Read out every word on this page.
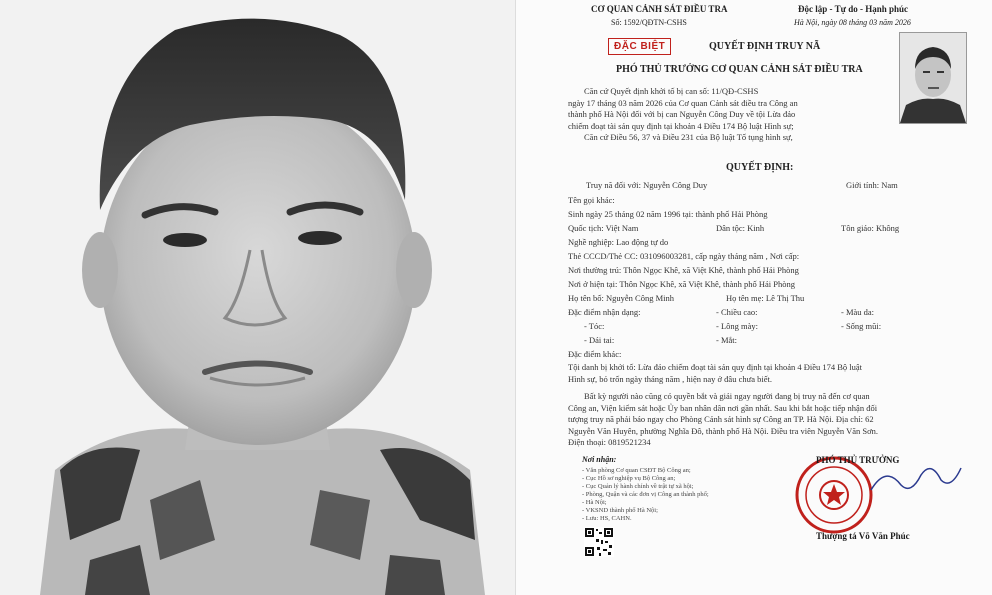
CƠ QUAN CẢNH SÁT ĐIỀU TRA	Độc lập - Tự do - Hạnh phúc
Số: 1592/QĐTN-CSHS	Hà Nội, ngày 08 tháng 03 năm 2026
ĐẶC BIỆT	QUYẾT ĐỊNH TRUY NÃ
PHÓ THỦ TRƯỞNG CƠ QUAN CẢNH SÁT ĐIỀU TRA
Căn cứ Quyết định khởi tố bị can số: 11/QĐ-CSHS
ngày 17 tháng 03 năm 2026 của Cơ quan Cảnh sát điều tra Công an
thành phố Hà Nội đối với bị can Nguyễn Công Duy về tội Lừa đảo
chiếm đoạt tài sản quy định tại khoản 4 Điều 174 Bộ luật Hình sự;
Căn cứ Điều 56, 37 và Điều 231 của Bộ luật Tố tụng hình sự,
QUYẾT ĐỊNH:
Truy nã đối với: Nguyễn Công Duy	Giới tính: Nam
Tên gọi khác:
Sinh ngày 25 tháng 02 năm 1996 tại: thành phố Hải Phòng
Quốc tịch: Việt Nam	Dân tộc: Kinh	Tôn giáo: Không
Nghề nghiệp: Lao động tự do
Thẻ CCCD/Thẻ CC: 031096003281, cấp ngày tháng năm , Nơi cấp:
Nơi thường trú: Thôn Ngọc Khê, xã Việt Khê, thành phố Hải Phòng
Nơi ở hiện tại: Thôn Ngọc Khê, xã Việt Khê, thành phố Hải Phòng
Họ tên bố: Nguyễn Công Minh	Họ tên mẹ: Lê Thị Thu
Đặc điểm nhận dạng:	- Chiều cao:	- Màu da:
- Tóc:	- Lông mày:	- Sống mũi:
- Dái tai:	- Mắt:
Đặc điểm khác:
Tội danh bị khởi tố: Lừa đảo chiếm đoạt tài sản quy định tại khoản 4 Điều 174 Bộ luật
Hình sự, bỏ trốn ngày tháng năm , hiện nay ở đâu chưa biết.
Bất kỳ người nào cũng có quyền bắt và giải ngay người đang bị truy nã đến cơ quan
Công an, Viện kiểm sát hoặc Ủy ban nhân dân nơi gần nhất. Sau khi bắt hoặc tiếp nhận đối
tượng truy nã phải báo ngay cho Phòng Cảnh sát hình sự Công an TP. Hà Nội. Địa chỉ: 62
Nguyễn Văn Huyên, phường Nghĩa Đô, thành phố Hà Nội. Điều tra viên Nguyễn Văn Sơn.
Điện thoại: 0819521234
Nơi nhận:
- Văn phòng Cơ quan CSĐT Bộ Công an;
- Cục Hồ sơ nghiệp vụ Bộ Công an;
- Cục Quản lý hành chính về trật tự xã hội;
- Phòng, Quận và các đơn vị Công an thành phố;
- Hà Nội;
- VKSND thành phố Hà Nội;
- Lưu: HS, CAHN.
PHÓ THỦ TRƯỞNG
Thượng tá Võ Văn Phúc
